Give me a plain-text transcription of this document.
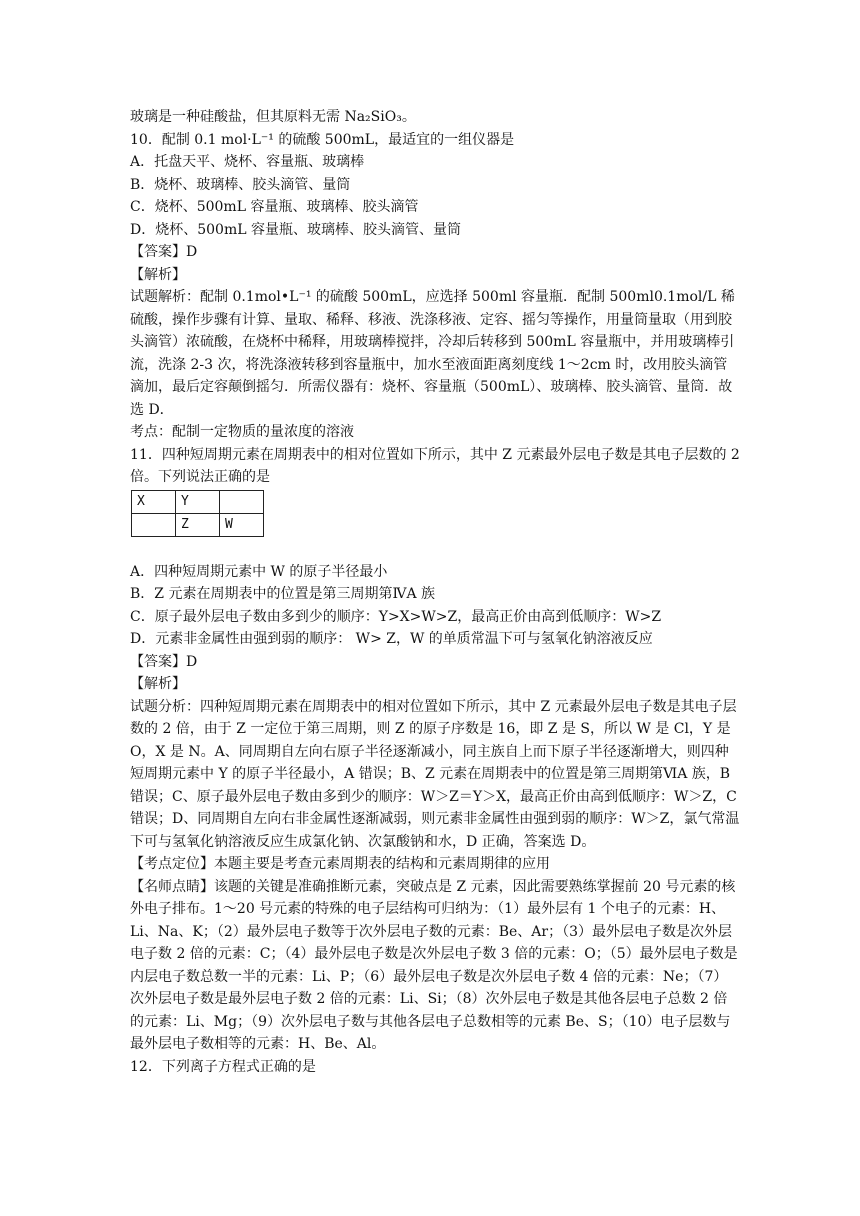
玻璃是一种硅酸盐，但其原料无需 Na₂SiO₃。

10．配制 0.1 mol·L⁻¹ 的硫酸 500mL，最适宜的一组仪器是

A．托盘天平、烧杯、容量瓶、玻璃棒

B．烧杯、玻璃棒、胶头滴管、量筒

C．烧杯、500mL 容量瓶、玻璃棒、胶头滴管

D．烧杯、500mL 容量瓶、玻璃棒、胶头滴管、量筒

【答案】D

【解析】

试题解析：配制 0.1mol•L⁻¹ 的硫酸 500mL，应选择 500ml 容量瓶．配制 500ml0.1mol/L 稀硫酸，操作步骤有计算、量取、稀释、移液、洗涤移液、定容、摇匀等操作，用量筒量取（用到胶头滴管）浓硫酸，在烧杯中稀释，用玻璃棒搅拌，冷却后转移到 500mL 容量瓶中，并用玻璃棒引流，洗涤 2-3 次，将洗涤液转移到容量瓶中，加水至液面距离刻度线 1～2cm 时，改用胶头滴管滴加，最后定容颠倒摇匀．所需仪器有：烧杯、容量瓶（500mL）、玻璃棒、胶头滴管、量筒．故选 D．

考点：配制一定物质的量浓度的溶液

11．四种短周期元素在周期表中的相对位置如下所示，其中 Z 元素最外层电子数是其电子层数的 2 倍。下列说法正确的是

X	Y	
	Z	W

A．四种短周期元素中 W 的原子半径最小

B．Z 元素在周期表中的位置是第三周期第ⅣA 族

C．原子最外层电子数由多到少的顺序：Y>X>W>Z，最高正价由高到低顺序：W>Z

D．元素非金属性由强到弱的顺序： W> Z，W 的单质常温下可与氢氧化钠溶液反应

【答案】D

【解析】

试题分析：四种短周期元素在周期表中的相对位置如下所示，其中 Z 元素最外层电子数是其电子层数的 2 倍，由于 Z 一定位于第三周期，则 Z 的原子序数是 16，即 Z 是 S，所以 W 是 Cl，Y 是 O，X 是 N。A、同周期自左向右原子半径逐渐减小，同主族自上而下原子半径逐渐增大，则四种短周期元素中 Y 的原子半径最小，A 错误；B、Z 元素在周期表中的位置是第三周期第ⅥA 族，B 错误；C、原子最外层电子数由多到少的顺序：W＞Z＝Y＞X，最高正价由高到低顺序：W＞Z，C 错误；D、同周期自左向右非金属性逐渐减弱，则元素非金属性由强到弱的顺序：W＞Z，氯气常温下可与氢氧化钠溶液反应生成氯化钠、次氯酸钠和水，D 正确，答案选 D。

【考点定位】本题主要是考查元素周期表的结构和元素周期律的应用

【名师点睛】该题的关键是准确推断元素，突破点是 Z 元素，因此需要熟练掌握前 20 号元素的核外电子排布。1～20 号元素的特殊的电子层结构可归纳为：（1）最外层有 1 个电子的元素：H、Li、Na、K；（2）最外层电子数等于次外层电子数的元素：Be、Ar；（3）最外层电子数是次外层电子数 2 倍的元素：C；（4）最外层电子数是次外层电子数 3 倍的元素：O；（5）最外层电子数是内层电子数总数一半的元素：Li、P；（6）最外层电子数是次外层电子数 4 倍的元素：Ne；（7）次外层电子数是最外层电子数 2 倍的元素：Li、Si；（8）次外层电子数是其他各层电子总数 2 倍的元素：Li、Mg；（9）次外层电子数与其他各层电子总数相等的元素 Be、S；（10）电子层数与最外层电子数相等的元素：H、Be、Al。

12．下列离子方程式正确的是
